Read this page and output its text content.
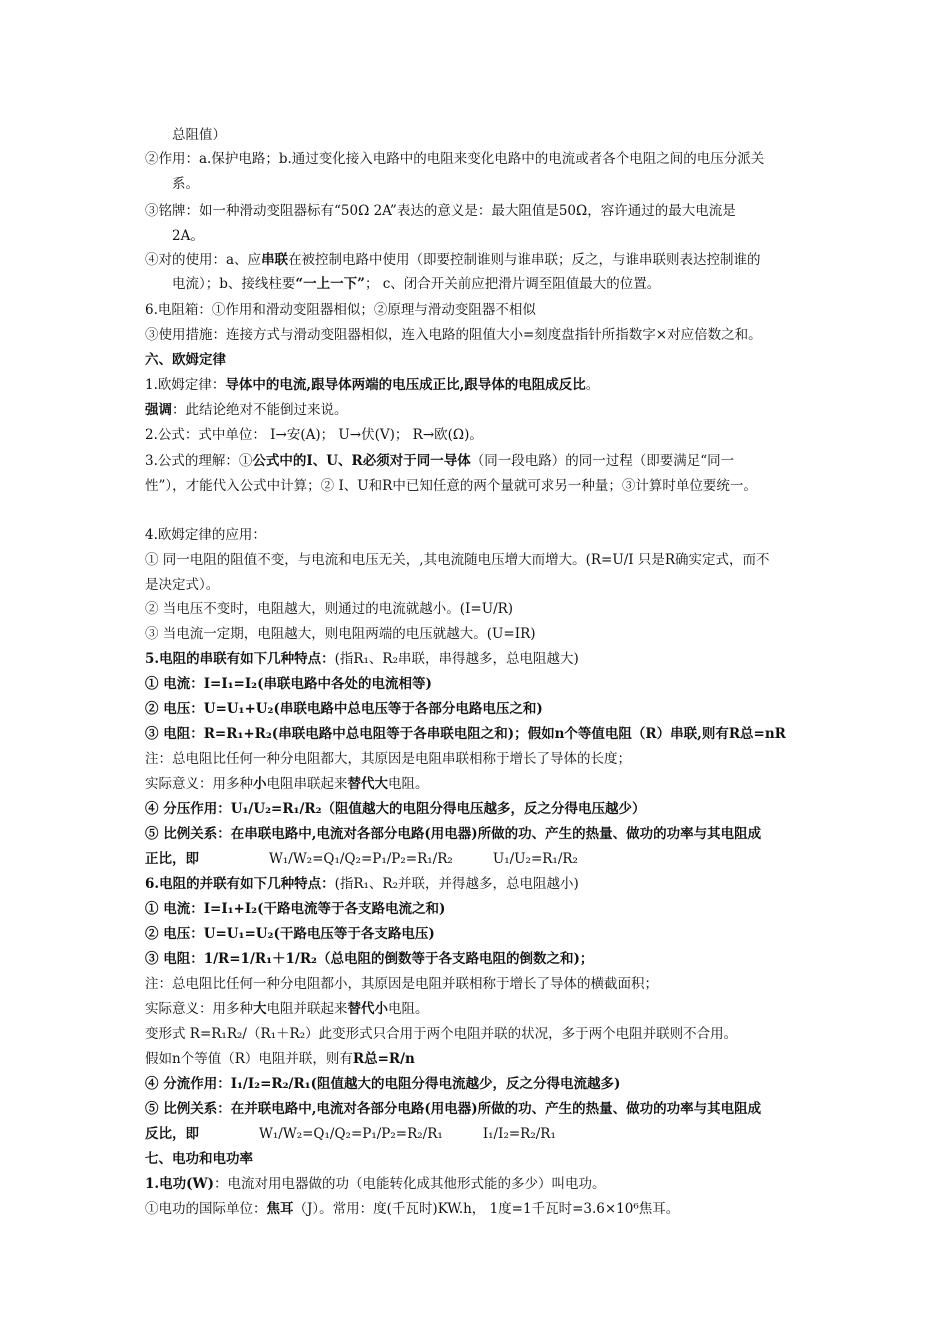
总阻值）
②作用：a.保护电路；b.通过变化接入电路中的电阻来变化电路中的电流或者各个电阻之间的电压分派关
系。
③铭牌：如一种滑动变阻器标有“50Ω 2A”表达的意义是：最大阻值是50Ω，容许通过的最大电流是
2A。
④对的使用：a、应串联在被控制电路中使用（即要控制谁则与谁串联；反之，与谁串联则表达控制谁的
电流）；b、接线柱要“一上一下”； c、闭合开关前应把滑片调至阻值最大的位置。
6.电阻箱：①作用和滑动变阻器相似；②原理与滑动变阻器不相似
③使用措施：连接方式与滑动变阻器相似，连入电路的阻值大小=刻度盘指针所指数字×对应倍数之和。
六、欧姆定律
1.欧姆定律：导体中的电流,跟导体两端的电压成正比,跟导体的电阻成反比。
强调：此结论绝对不能倒过来说。
2.公式：式中单位： I→安(A)； U→伏(V)； R→欧(Ω)。
3.公式的理解：①公式中的I、U、R必须对于同一导体（同一段电路）的同一过程（即要满足“同一
性”），才能代入公式中计算；② I、U和R中已知任意的两个量就可求另一种量；③计算时单位要统一。
4.欧姆定律的应用：
① 同一电阻的阻值不变，与电流和电压无关，,其电流随电压增大而增大。(R=U/I 只是R确实定式，而不
是决定式）。
② 当电压不变时，电阻越大，则通过的电流就越小。(I=U/R)
③ 当电流一定期，电阻越大，则电阻两端的电压就越大。(U=IR)
5.电阻的串联有如下几种特点：(指R₁、R₂串联，串得越多，总电阻越大)
① 电流：I=I₁=I₂(串联电路中各处的电流相等)
② 电压：U=U₁+U₂(串联电路中总电压等于各部分电路电压之和)
③ 电阻：R=R₁+R₂(串联电路中总电阻等于各串联电阻之和)；假如n个等值电阻（R）串联,则有R总=nR
注：总电阻比任何一种分电阻都大，其原因是电阻串联相称于增长了导体的长度；
实际意义：用多种小电阻串联起来替代大电阻。
④ 分压作用：U₁/U₂=R₁/R₂（阻值越大的电阻分得电压越多，反之分得电压越少）
⑤ 比例关系：在串联电路中,电流对各部分电路(用电器)所做的功、产生的热量、做功的功率与其电阻成
正比，即	W₁/W₂=Q₁/Q₂=P₁/P₂=R₁/R₂	U₁/U₂=R₁/R₂
6.电阻的并联有如下几种特点：(指R₁、R₂并联，并得越多，总电阻越小)
① 电流：I=I₁+I₂(干路电流等于各支路电流之和)
② 电压：U=U₁=U₂(干路电压等于各支路电压)
③ 电阻：1/R=1/R₁＋1/R₂（总电阻的倒数等于各支路电阻的倒数之和)；
注：总电阻比任何一种分电阻都小，其原因是电阻并联相称于增长了导体的横截面积；
实际意义：用多种大电阻并联起来替代小电阻。
变形式 R=R₁R₂/（R₁＋R₂）此变形式只合用于两个电阻并联的状况，多于两个电阻并联则不合用。
假如n个等值（R）电阻并联，则有R总=R/n
④ 分流作用：I₁/I₂=R₂/R₁(阻值越大的电阻分得电流越少，反之分得电流越多)
⑤ 比例关系：在并联电路中,电流对各部分电路(用电器)所做的功、产生的热量、做功的功率与其电阻成
反比，即	W₁/W₂=Q₁/Q₂=P₁/P₂=R₂/R₁	I₁/I₂=R₂/R₁
七、电功和电功率
1.电功(W)：电流对用电器做的功（电能转化成其他形式能的多少）叫电功。
①电功的国际单位：焦耳（J）。常用：度(千瓦时)KW.h， 1度=1千瓦时=3.6×10⁶焦耳。
